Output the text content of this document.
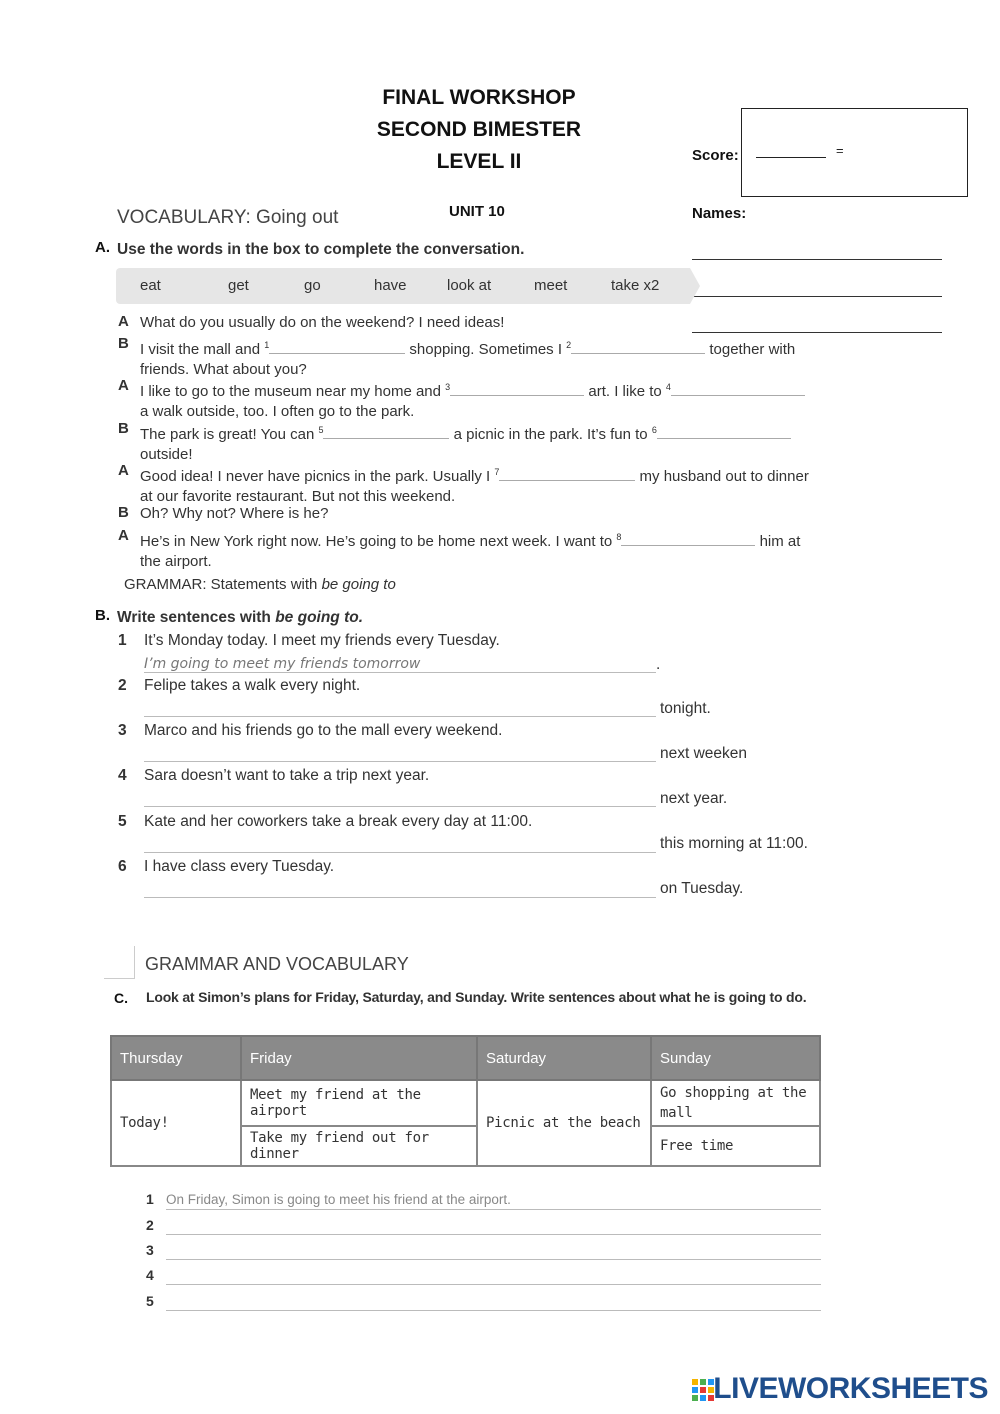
FINAL WORKSHOP
SECOND BIMESTER
LEVEL II
UNIT 10
Score:	=
Names:
VOCABULARY: Going out
A. Use the words in the box to complete the conversation.
eat	get	go	have	look at	meet	take x2
A What do you usually do on the weekend? I need ideas!
B I visit the mall and $^1$	shopping. Sometimes I $^2$	together with
friends. What about you?
A I like to go to the museum near my home and $^3$	art. I like to $^4$
a walk outside, too. I often go to the park.
B The park is great! You can $^5$	a picnic in the park. It’s fun to $^6$
outside!
A Good idea! I never have picnics in the park. Usually I $^7$	my husband out to dinner
at our favorite restaurant. But not this weekend.
B Oh? Why not? Where is he?
A He’s in New York right now. He’s going to be home next week. I want to $^8$	him at
the airport.
GRAMMAR: Statements with be going to
B. Write sentences with be going to.
1 It’s Monday today. I meet my friends every Tuesday.
I’m going to meet my friends tomorrow	.
2 Felipe takes a walk every night.
tonight.
3 Marco and his friends go to the mall every weekend.
next weeken
4 Sara doesn’t want to take a trip next year.
next year.
5 Kate and her coworkers take a break every day at 11:00.
this morning at 11:00.
6 I have class every Tuesday.
on Tuesday.
GRAMMAR AND VOCABULARY
C. Look at Simon’s plans for Friday, Saturday, and Sunday. Write sentences about what he is going to do.
Thursday	Friday	Saturday	Sunday
Today!	Meet my friend at the airport	Picnic at the beach	Go shopping at the mall
	Take my friend out for dinner		Free time
1 On Friday, Simon is going to meet his friend at the airport.
2
3
4
5
LIVEWORKSHEETS
